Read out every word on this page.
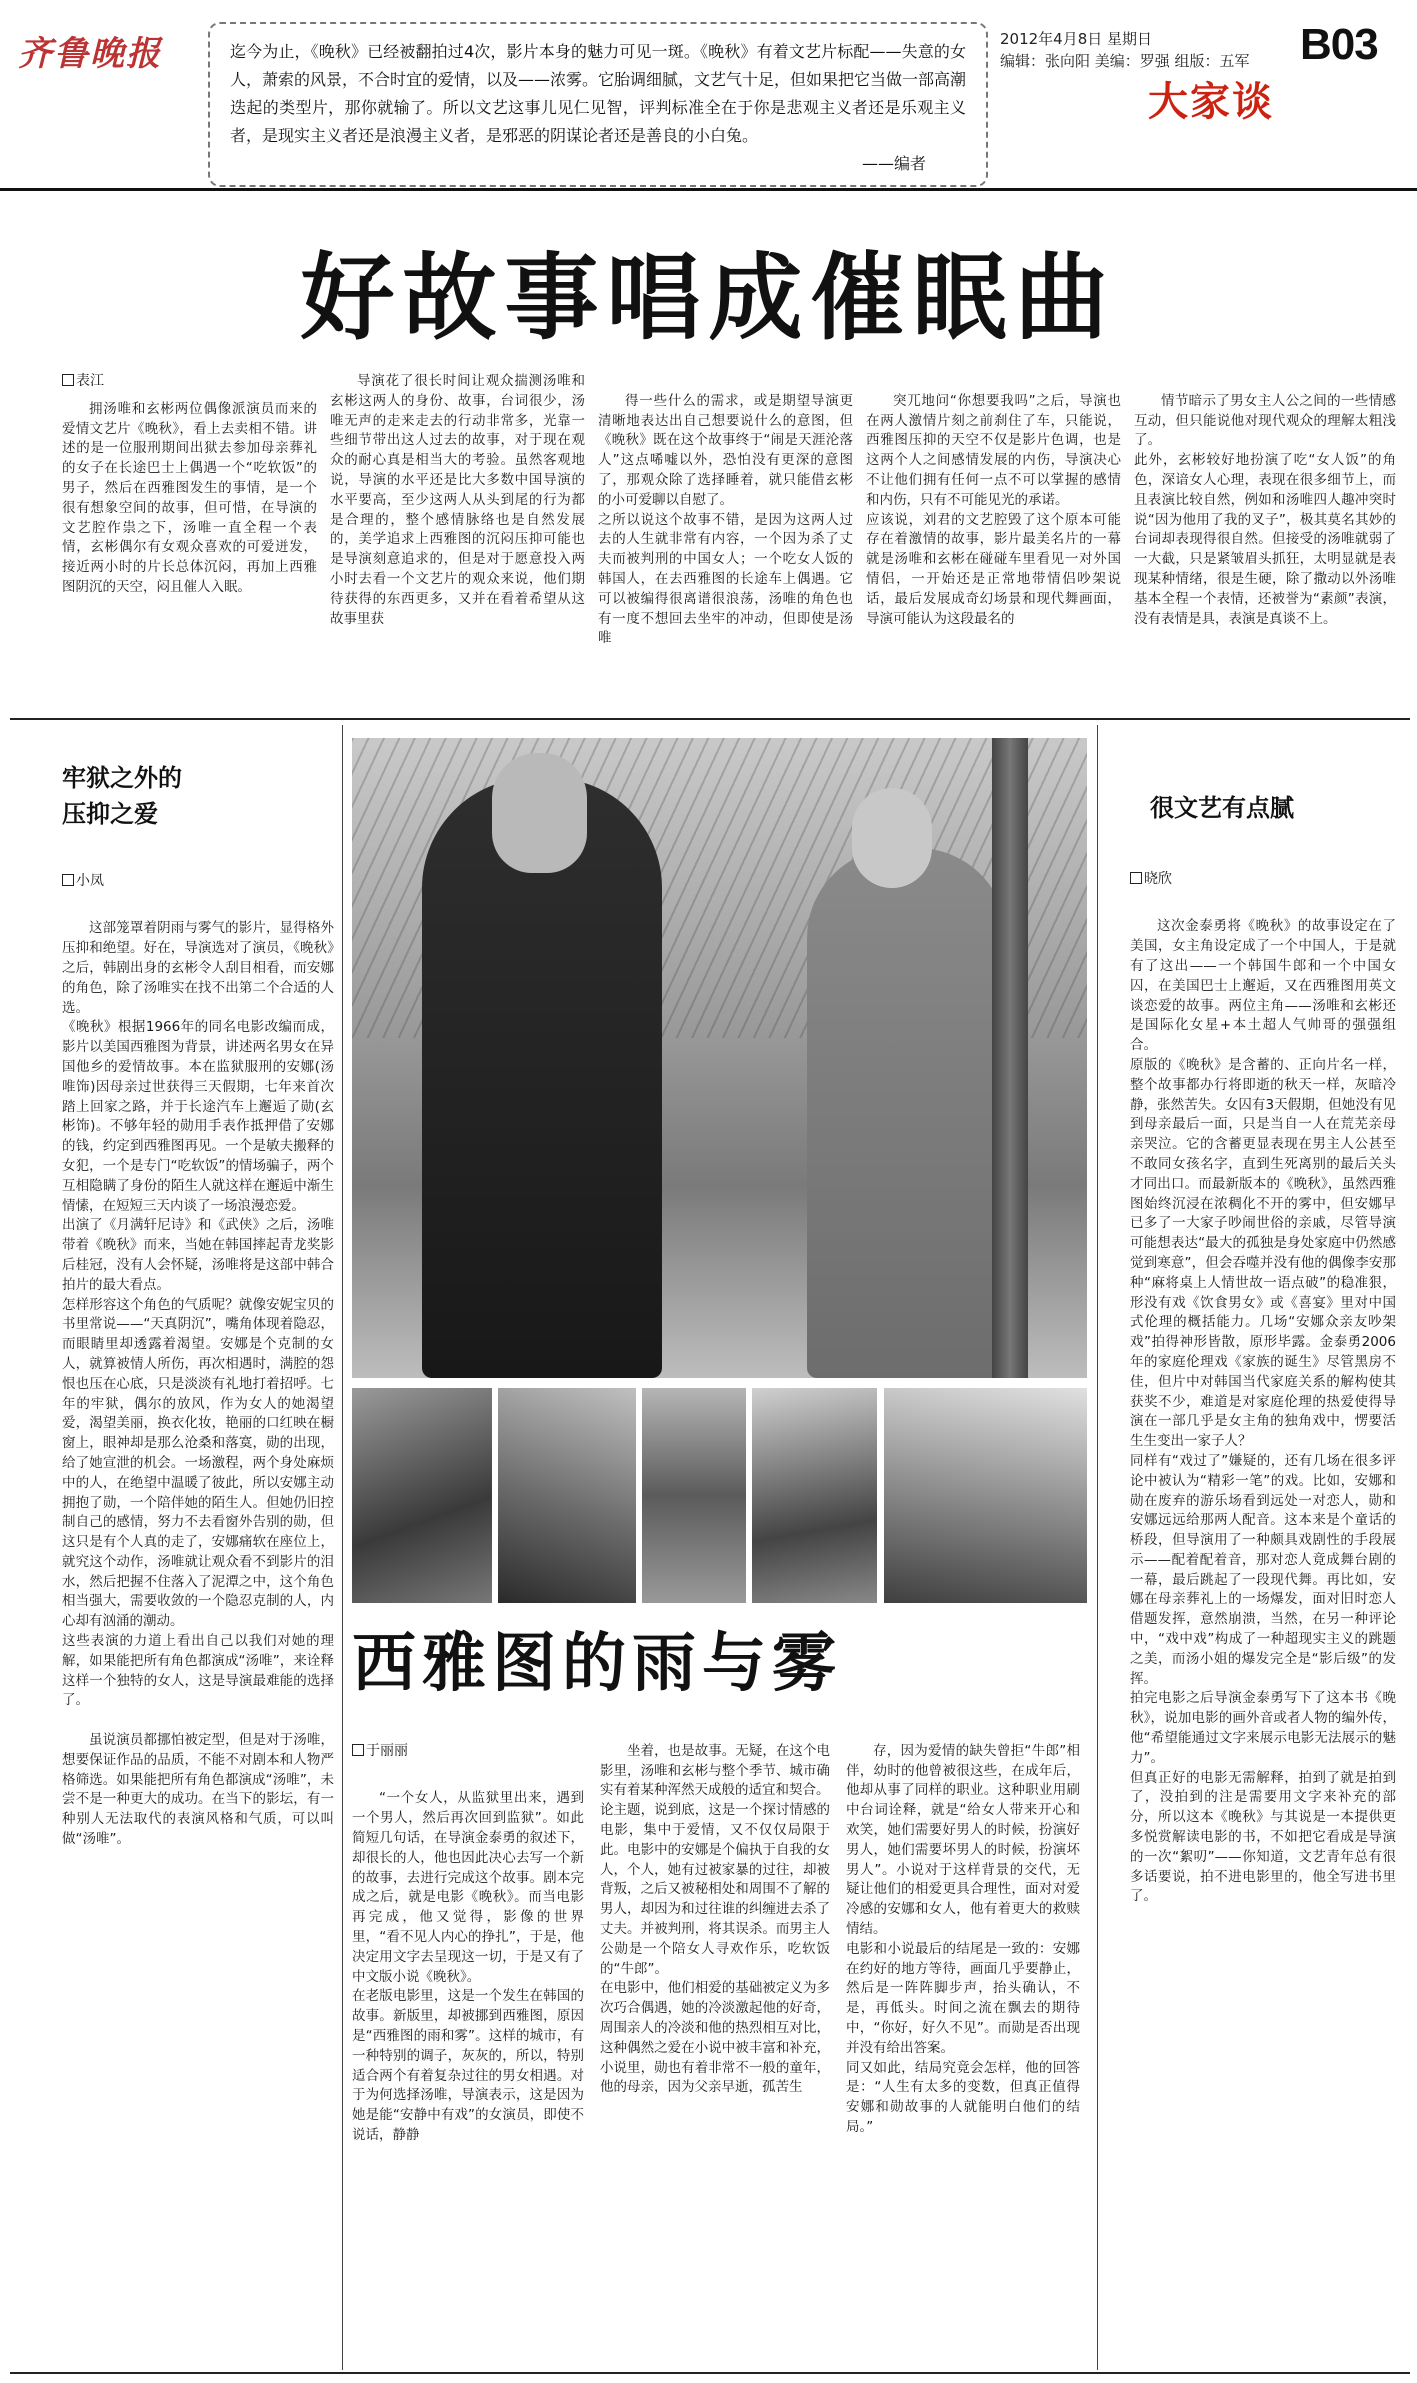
齐鲁晚报	迄今为止，《晚秋》已经被翻拍过4次，影片本身的魅力可见一斑。《晚秋》有着文艺片标配——失意的女人，萧索的风景，不合时宜的爱情，以及——浓雾。它胎调细腻，文艺气十足，但如果把它当做一部高潮迭起的类型片，那你就输了。所以文艺这事儿见仁见智，评判标准全在于你是悲观主义者还是乐观主义者，是现实主义者还是浪漫主义者，是邪恶的阴谋论者还是善良的小白兔。
——编者
2012年4月8日 星期日
编辑：张向阳 美编：罗强 组版：五军 B03
大家谈
好故事唱成催眠曲
表江

拥汤唯和玄彬两位偶像派演员而来的爱情文艺片《晚秋》，看上去卖相不错。讲述的是一位服刑期间出狱去参加母亲葬礼的女子在长途巴士上偶遇一个“吃软饭”的男子，然后在西雅图发生的事情，是一个很有想象空间的故事，但可惜，在导演的文艺腔作祟之下，汤唯一直全程一个表情，玄彬偶尔有女观众喜欢的可爱迸发，接近两小时的片长总体沉闷，再加上西雅图阴沉的天空，闷且催人入眠。

导演花了很长时间让观众揣测汤唯和玄彬这两人的身份、故事，台词很少，汤唯无声的走来走去的行动非常多，光靠一些细节带出这人过去的故事，对于现在观众的耐心真是相当大的考验。虽然客观地说，导演的水平还是比大多数中国导演的水平要高，至少这两人从头到尾的行为都是合理的，整个感情脉络也是自然发展的，美学追求上西雅图的沉闷压抑可能也是导演刻意追求的，但是对于愿意投入两小时去看一个文艺片的观众来说，他们期待获得的东西更多，又并在看着希望从这故事里获

得一些什么的需求，或是期望导演更清晰地表达出自己想要说什么的意图，但《晚秋》既在这个故事终于“闹是天涯沦落人”这点唏嘘以外，恐怕没有更深的意图了，那观众除了选择睡着，就只能借玄彬的小可爱聊以自慰了。
之所以说这个故事不错，是因为这两人过去的人生就非常有内容，一个因为杀了丈夫而被判刑的中国女人；一个吃女人饭的韩国人，在去西雅图的长途车上偶遇。它可以被编得很离谱很浪荡，汤唯的角色也有一度不想回去坐牢的冲动，但即使是汤唯

突兀地问“你想要我吗”之后，导演也在两人激情片刻之前刹住了车，只能说，西雅图压抑的天空不仅是影片色调，也是这两个人之间感情发展的内伤，导演决心不让他们拥有任何一点不可以掌握的感情和内伤，只有不可能见光的承诺。
应该说，刘君的文艺腔毁了这个原本可能存在着激情的故事，影片最美名片的一幕就是汤唯和玄彬在碰碰车里看见一对外国情侣，一开始还是正常地带情侣吵架说话，最后发展成奇幻场景和现代舞画面，导演可能认为这段最名的

情节暗示了男女主人公之间的一些情感互动，但只能说他对现代观众的理解太粗浅了。
此外，玄彬较好地扮演了吃“女人饭”的角色，深谙女人心理，表现在很多细节上，而且表演比较自然，例如和汤唯四人趣冲突时说“因为他用了我的叉子”，极其莫名其妙的台词却表现得很自然。但接受的汤唯就弱了一大截，只是紧皱眉头抓狂，太明显就是表现某种情绪，很是生硬，除了撒动以外汤唯基本全程一个表情，还被誉为“素颜”表演，没有表情是具，表演是真谈不上。

牢狱之外的
压抑之爱

小凤

这部笼罩着阴雨与雾气的影片，显得格外压抑和绝望。好在，导演选对了演员，《晚秋》之后，韩剧出身的玄彬令人刮目相看，而安娜的角色，除了汤唯实在找不出第二个合适的人选。
《晚秋》根据1966年的同名电影改编而成，影片以美国西雅图为背景，讲述两名男女在异国他乡的爱情故事。本在监狱服刑的安娜(汤唯饰)因母亲过世获得三天假期，七年来首次踏上回家之路，并于长途汽车上邂逅了勋(玄彬饰)。不够年轻的勋用手表作抵押借了安娜的钱，约定到西雅图再见。一个是敏夫搬释的女犯，一个是专门“吃软饭”的情场骗子，两个互相隐瞒了身份的陌生人就这样在邂逅中渐生情愫，在短短三天内谈了一场浪漫恋爱。
出演了《月满轩尼诗》和《武侠》之后，汤唯带着《晚秋》而来，当她在韩国摔起青龙奖影后桂冠，没有人会怀疑，汤唯将是这部中韩合拍片的最大看点。
怎样形容这个角色的气质呢？就像安妮宝贝的书里常说——“天真阴沉”，嘴角体现着隐忍，而眼睛里却透露着渴望。安娜是个克制的女人，就算被情人所伤，再次相遇时，满腔的怨恨也压在心底，只是淡淡有礼地打着招呼。七年的牢狱，偶尔的放风，作为女人的她渴望爱，渴望美丽，换衣化妆，艳丽的口红映在橱窗上，眼神却是那么沧桑和落寞，勋的出现，给了她宣泄的机会。一场激程，两个身处麻烦中的人，在绝望中温暖了彼此，所以安娜主动拥抱了勋，一个陪伴她的陌生人。但她仍旧控制自己的感情，努力不去看窗外告别的勋，但这只是有个人真的走了，安娜痛软在座位上，就究这个动作，汤唯就让观众看不到影片的泪水，然后把握不住落入了泥潭之中，这个角色相当强大，需要收敛的一个隐忍克制的人，内心却有汹涌的潮动。
这些表演的力道上看出自己以我们对她的理解，如果能把所有角色都演成“汤唯”，来诠释这样一个独特的女人，这是导演最难能的选择了。

虽说演员都挪怕被定型，但是对于汤唯，想要保证作品的品质，不能不对剧本和人物严格筛选。如果能把所有角色都演成“汤唯”，未尝不是一种更大的成功。在当下的影坛，有一种别人无法取代的表演风格和气质，可以叫做“汤唯”。

西雅图的雨与雾

于丽丽

“一个女人，从监狱里出来，遇到一个男人，然后再次回到监狱”。如此简短几句话，在导演金泰勇的叙述下，却很长的人，他也因此决心去写一个新的故事，去进行完成这个故事。剧本完成之后，就是电影《晚秋》。而当电影再完成，他又觉得，影像的世界里，“看不见人内心的挣扎”，于是，他决定用文字去呈现这一切，于是又有了中文版小说《晚秋》。
在老版电影里，这是一个发生在韩国的故事。新版里，却被挪到西雅图，原因是“西雅图的雨和雾”。这样的城市，有一种特别的调子，灰灰的，所以，特别适合两个有着复杂过往的男女相遇。对于为何选择汤唯，导演表示，这是因为她是能“安静中有戏”的女演员，即使不说话，静静

坐着，也是故事。无疑，在这个电影里，汤唯和玄彬与整个季节、城市确实有着某种浑然天成般的适宜和契合。
论主题，说到底，这是一个探讨情感的电影，集中于爱情，又不仅仅局限于此。电影中的安娜是个偏执于自我的女人，个人，她有过被家暴的过往，却被背叛，之后又被秘相处和周围不了解的男人，却因为和过往谁的纠缠进去杀了丈夫。并被判刑，将其误杀。而男主人公勋是一个陪女人寻欢作乐，吃软饭的“牛郎”。
在电影中，他们相爱的基础被定义为多次巧合偶遇，她的冷淡激起他的好奇，周围亲人的冷淡和他的热烈相互对比，这种偶然之爱在小说中被丰富和补充，小说里，勋也有着非常不一般的童年，他的母亲，因为父亲早逝，孤苦生

存，因为爱情的缺失曾拒“牛郎”相伴，幼时的他曾被很这些，在成年后，他却从事了同样的职业。这种职业用刷中台词诠释，就是“给女人带来开心和欢笑，她们需要好男人的时候，扮演好男人，她们需要坏男人的时候，扮演坏男人”。小说对于这样背景的交代，无疑让他们的相爱更具合理性，面对对爱冷感的安娜和女人，他有着更大的救赎情结。
电影和小说最后的结尾是一致的：安娜在约好的地方等待，画面几乎要静止，然后是一阵阵脚步声，抬头确认，不是，再低头。时间之流在飘去的期待中，“你好，好久不见”。而勋是否出现并没有给出答案。
同又如此，结局究竟会怎样，他的回答是：“人生有太多的变数，但真正值得安娜和勋故事的人就能明白他们的结局。”

很文艺有点腻

晓欣

这次金泰勇将《晚秋》的故事设定在了美国，女主角设定成了一个中国人，于是就有了这出——一个韩国牛郎和一个中国女囚，在美国巴士上邂逅，又在西雅图用英文谈恋爱的故事。两位主角——汤唯和玄彬还是国际化女星+本土超人气帅哥的强强组合。
原版的《晚秋》是含蓄的、正向片名一样，整个故事都办行将即逝的秋天一样，灰暗冷静，张然苦失。女囚有3天假期，但她没有见到母亲最后一面，只是当自一人在荒芜亲母亲哭泣。它的含蓄更显表现在男主人公甚至不敢同女孩名字，直到生死离别的最后关头才同出口。而最新版本的《晚秋》，虽然西雅图始终沉浸在浓稠化不开的雾中，但安娜早已多了一大家子吵闹世俗的亲戚，尽管导演可能想表达“最大的孤独是身处家庭中仍然感觉到寒意”，但会吞噬并没有他的偶像李安那种“麻将桌上人情世故一语点破”的稳准狠，形没有戏《饮食男女》或《喜宴》里对中国式伦理的概括能力。几场“安娜众亲友吵架戏”拍得神形皆散，原形毕露。金泰勇2006年的家庭伦理戏《家族的诞生》尽管黑房不佳，但片中对韩国当代家庭关系的解构使其获奖不少，难道是对家庭伦理的热爱使得导演在一部几乎是女主角的独角戏中，愣要活生生变出一家子人？
同样有“戏过了”嫌疑的，还有几场在很多评论中被认为“精彩一笔”的戏。比如，安娜和勋在废弃的游乐场看到远处一对恋人，勋和安娜远远给那两人配音。这本来是个童话的桥段，但导演用了一种颇具戏剧性的手段展示——配着配着音，那对恋人竟成舞台剧的一幕，最后跳起了一段现代舞。再比如，安娜在母亲葬礼上的一场爆发，面对旧时恋人借题发挥，意然崩溃，当然，在另一种评论中，“戏中戏”构成了一种超现实主义的跳题之美，而汤小姐的爆发完全是“影后级”的发挥。
拍完电影之后导演金泰勇写下了这本书《晚秋》，说加电影的画外音或者人物的编外传，他“希望能通过文字来展示电影无法展示的魅力”。
但真正好的电影无需解释，拍到了就是拍到了，没拍到的注是需要用文字来补充的部分，所以这本《晚秋》与其说是一本提供更多悦赏解读电影的书，不如把它看成是导演的一次“絮叨”——你知道，文艺青年总有很多话要说，拍不进电影里的，他全写进书里了。
